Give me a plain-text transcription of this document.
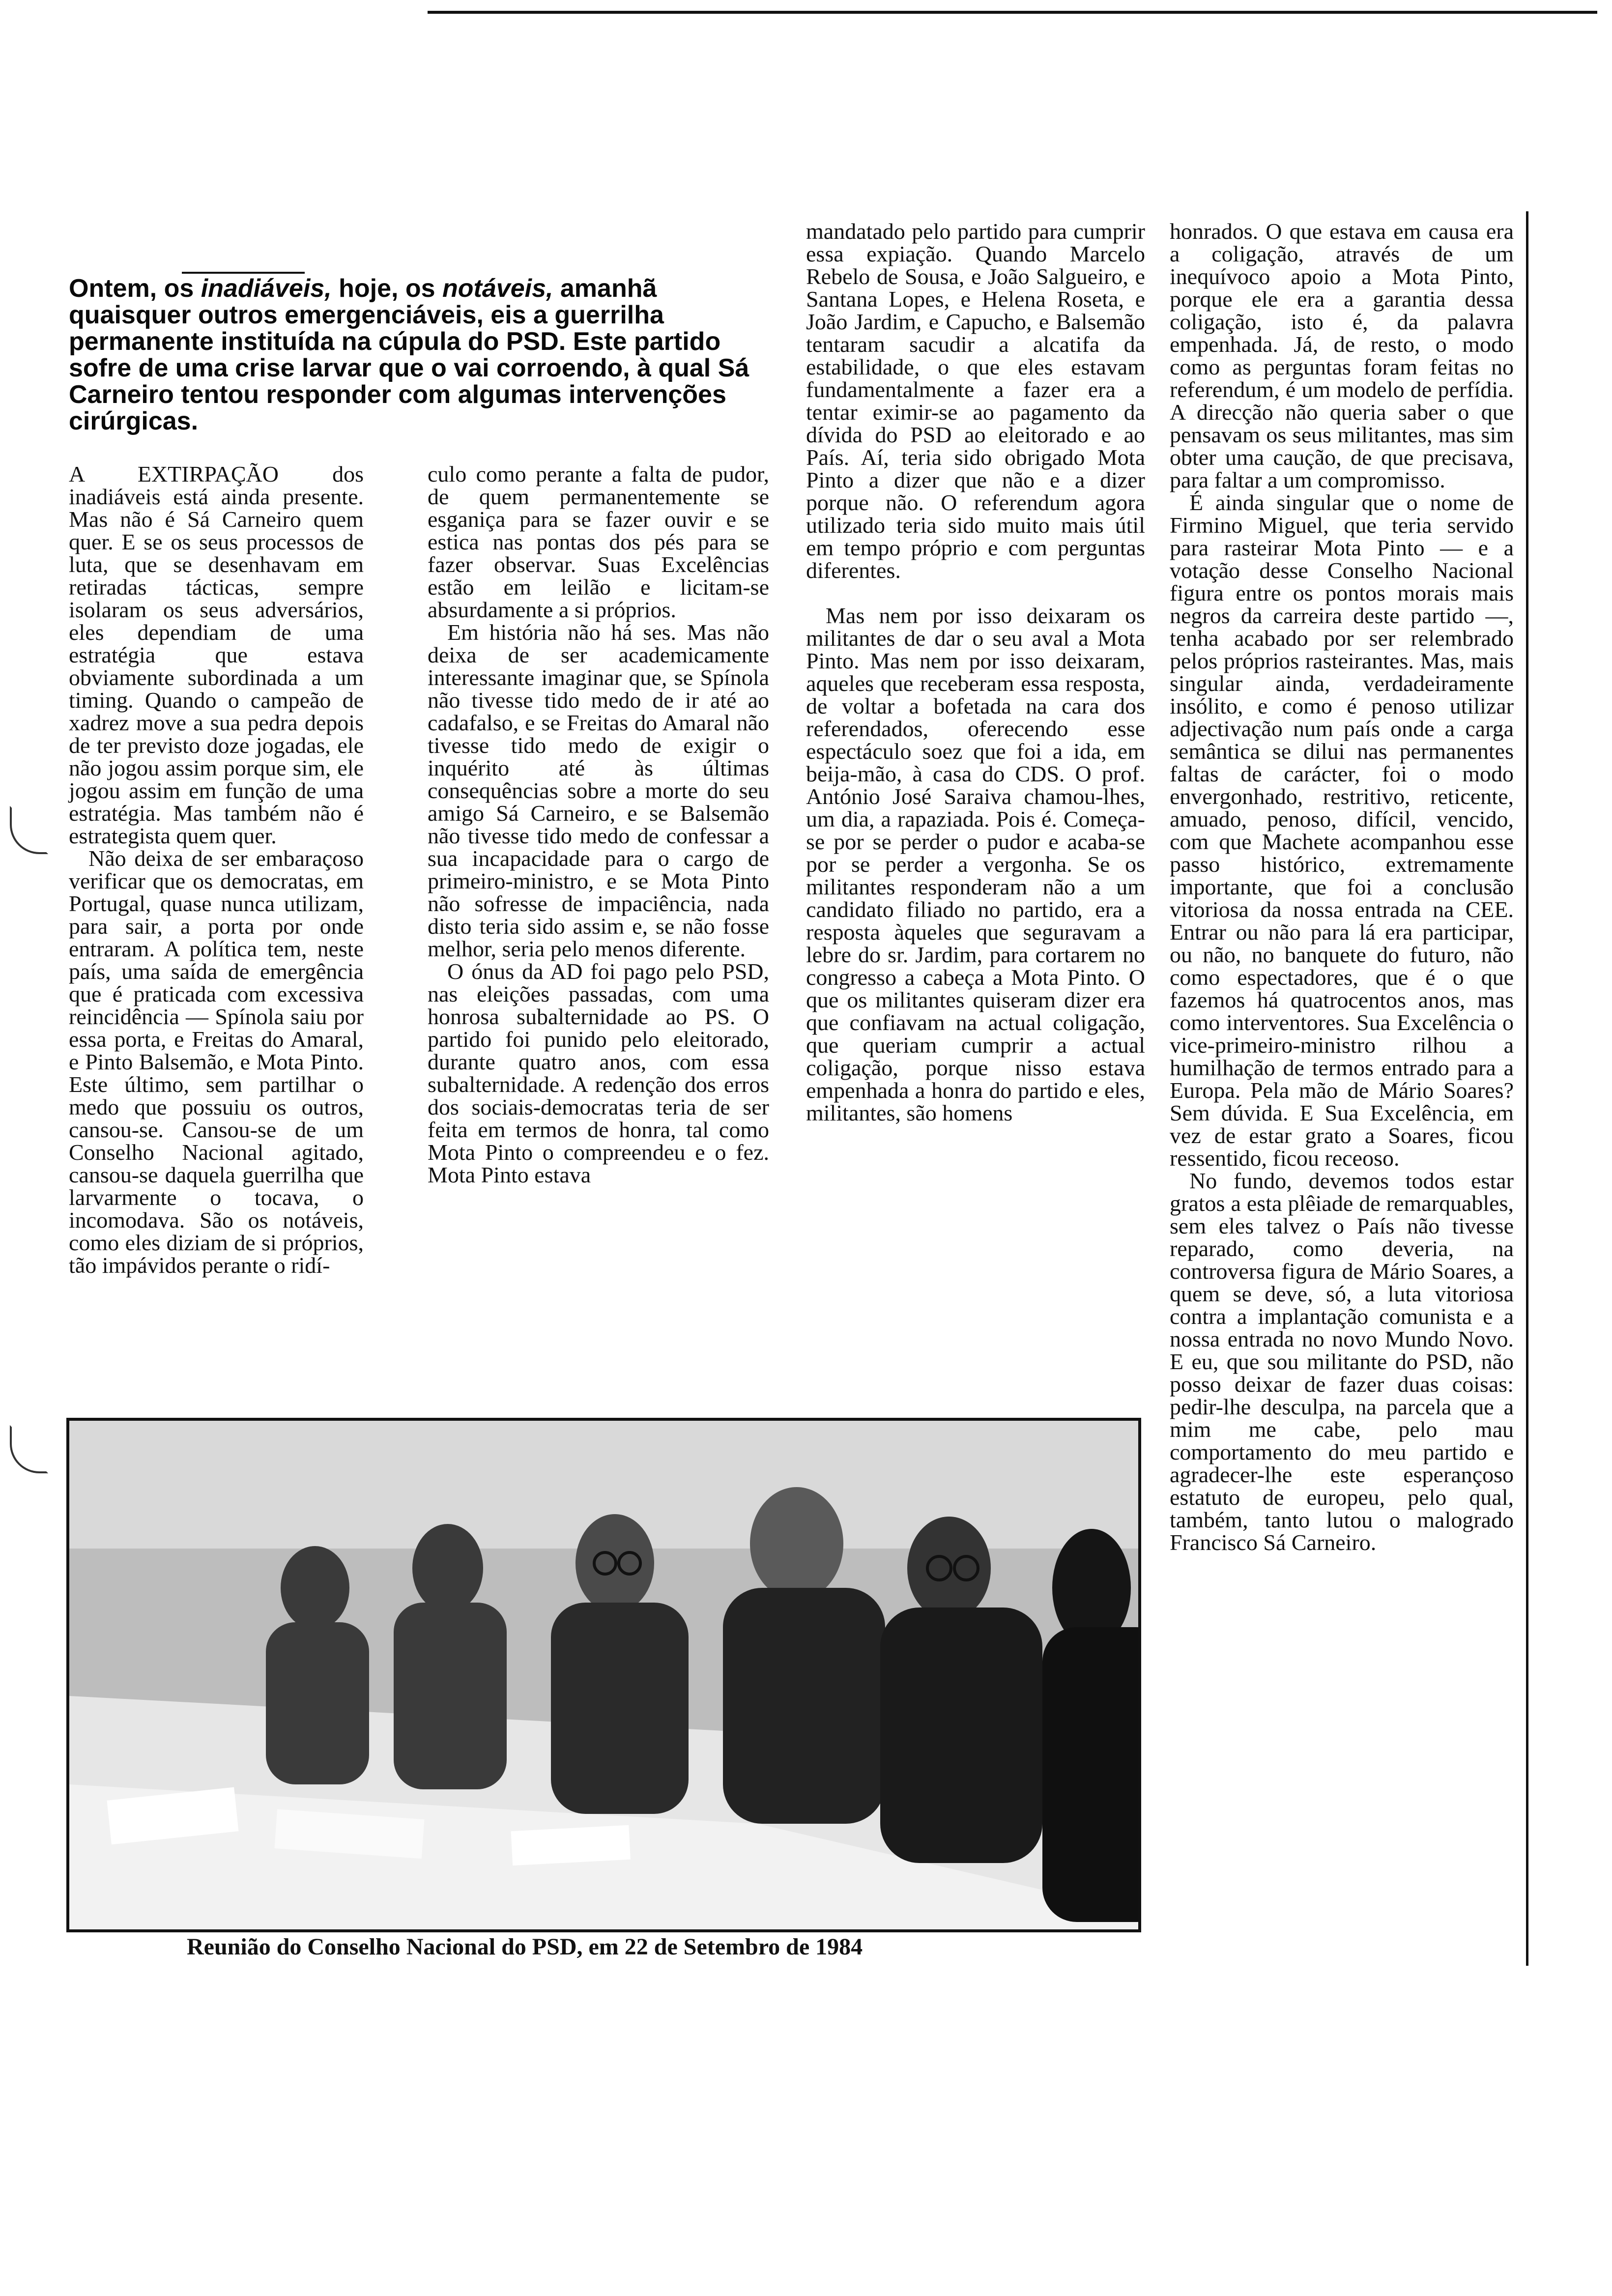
Ontem, os inadiáveis, hoje, os notáveis, amanhã quaisquer outros emergenciáveis, eis a guerrilha permanente instituída na cúpula do PSD. Este partido sofre de uma crise larvar que o vai corroendo, à qual Sá Carneiro tentou responder com algumas intervenções cirúrgicas.

A EXTIRPAÇÃO dos inadiáveis está ainda presente. Mas não é Sá Carneiro quem quer. E se os seus processos de luta, que se desenhavam em retiradas tácticas, sempre isolaram os seus adversários, eles dependiam de uma estratégia que estava obviamente subordinada a um timing. Quando o campeão de xadrez move a sua pedra depois de ter previsto doze jogadas, ele não jogou assim porque sim, ele jogou assim em função de uma estratégia. Mas também não é estrategista quem quer.

Não deixa de ser embaraçoso verificar que os democratas, em Portugal, quase nunca utilizam, para sair, a porta por onde entraram. A política tem, neste país, uma saída de emergência que é praticada com excessiva reincidência — Spínola saiu por essa porta, e Freitas do Amaral, e Pinto Balsemão, e Mota Pinto. Este último, sem partilhar o medo que possuiu os outros, cansou-se. Cansou-se de um Conselho Nacional agitado, cansou-se daquela guerrilha que larvarmente o tocava, o incomodava. São os notáveis, como eles diziam de si próprios, tão impávidos perante o ridí-

culo como perante a falta de pudor, de quem permanentemente se esganiça para se fazer ouvir e se estica nas pontas dos pés para se fazer observar. Suas Excelências estão em leilão e licitam-se absurdamente a si próprios.

Em história não há ses. Mas não deixa de ser academicamente interessante imaginar que, se Spínola não tivesse tido medo de ir até ao cadafalso, e se Freitas do Amaral não tivesse tido medo de exigir o inquérito até às últimas consequências sobre a morte do seu amigo Sá Carneiro, e se Balsemão não tivesse tido medo de confessar a sua incapacidade para o cargo de primeiro-ministro, e se Mota Pinto não sofresse de impaciência, nada disto teria sido assim e, se não fosse melhor, seria pelo menos diferente.

O ónus da AD foi pago pelo PSD, nas eleições passadas, com uma honrosa subalternidade ao PS. O partido foi punido pelo eleitorado, durante quatro anos, com essa subalternidade. A redenção dos erros dos sociais-democratas teria de ser feita em termos de honra, tal como Mota Pinto o compreendeu e o fez. Mota Pinto estava

mandatado pelo partido para cumprir essa expiação. Quando Marcelo Rebelo de Sousa, e João Salgueiro, e Santana Lopes, e Helena Roseta, e João Jardim, e Capucho, e Balsemão tentaram sacudir a alcatifa da estabilidade, o que eles estavam fundamentalmente a fazer era a tentar eximir-se ao pagamento da dívida do PSD ao eleitorado e ao País. Aí, teria sido obrigado Mota Pinto a dizer que não e a dizer porque não. O referendum agora utilizado teria sido muito mais útil em tempo próprio e com perguntas diferentes.

Mas nem por isso deixaram os militantes de dar o seu aval a Mota Pinto. Mas nem por isso deixaram, aqueles que receberam essa resposta, de voltar a bofetada na cara dos referendados, oferecendo esse espectáculo soez que foi a ida, em beija-mão, à casa do CDS. O prof. António José Saraiva chamou-lhes, um dia, a rapaziada. Pois é. Começa-se por se perder o pudor e acaba-se por se perder a vergonha. Se os militantes responderam não a um candidato filiado no partido, era a resposta àqueles que seguravam a lebre do sr. Jardim, para cortarem no congresso a cabeça a Mota Pinto. O que os militantes quiseram dizer era que confiavam na actual coligação, que queriam cumprir a actual coligação, porque nisso estava empenhada a honra do partido e eles, militantes, são homens

honrados. O que estava em causa era a coligação, através de um inequívoco apoio a Mota Pinto, porque ele era a garantia dessa coligação, isto é, da palavra empenhada. Já, de resto, o modo como as perguntas foram feitas no referendum, é um modelo de perfídia. A direcção não queria saber o que pensavam os seus militantes, mas sim obter uma caução, de que precisava, para faltar a um compromisso.

É ainda singular que o nome de Firmino Miguel, que teria servido para rasteirar Mota Pinto — e a votação desse Conselho Nacional figura entre os pontos morais mais negros da carreira deste partido —, tenha acabado por ser relembrado pelos próprios rasteirantes. Mas, mais singular ainda, verdadeiramente insólito, e como é penoso utilizar adjectivação num país onde a carga semântica se dilui nas permanentes faltas de carácter, foi o modo envergonhado, restritivo, reticente, amuado, penoso, difícil, vencido, com que Machete acompanhou esse passo histórico, extremamente importante, que foi a conclusão vitoriosa da nossa entrada na CEE. Entrar ou não para lá era participar, ou não, no banquete do futuro, não como espectadores, que é o que fazemos há quatrocentos anos, mas como interventores. Sua Excelência o vice-primeiro-ministro rilhou a humilhação de termos entrado para a Europa. Pela mão de Mário Soares? Sem dúvida. E Sua Excelência, em vez de estar grato a Soares, ficou ressentido, ficou receoso.

No fundo, devemos todos estar gratos a esta plêiade de remarquables, sem eles talvez o País não tivesse reparado, como deveria, na controversa figura de Mário Soares, a quem se deve, só, a luta vitoriosa contra a implantação comunista e a nossa entrada no novo Mundo Novo. E eu, que sou militante do PSD, não posso deixar de fazer duas coisas: pedir-lhe desculpa, na parcela que a mim me cabe, pelo mau comportamento do meu partido e agradecer-lhe este esperançoso estatuto de europeu, pelo qual, também, tanto lutou o malogrado Francisco Sá Carneiro.

Reunião do Conselho Nacional do PSD, em 22 de Setembro de 1984
